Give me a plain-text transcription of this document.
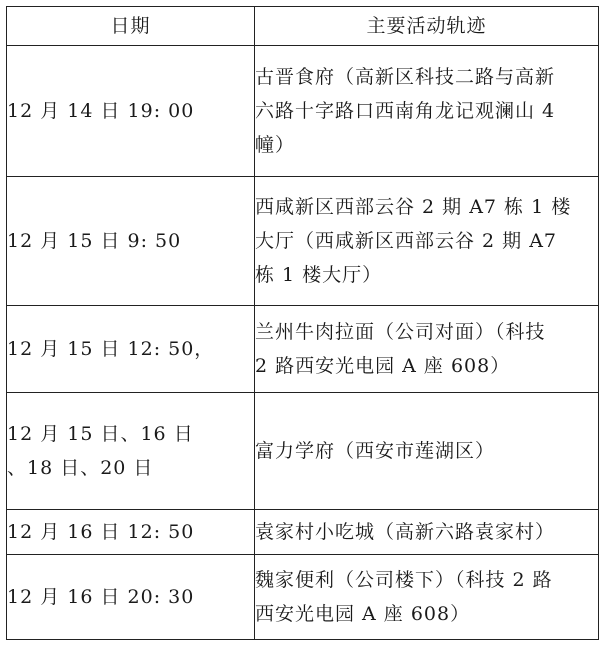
日期	主要活动轨迹

12 月 14 日 19: 00	古晋食府（高新区科技二路与高新
六路十字路口西南角龙记观澜山 4
幢）

12 月 15 日 9: 50	西咸新区西部云谷 2 期 A7 栋 1 楼
大厅（西咸新区西部云谷 2 期 A7
栋 1 楼大厅）

12 月 15 日 12: 50，	兰州牛肉拉面（公司对面）（科技
2 路西安光电园 A 座 608）

12 月 15 日、16 日
、18 日、20 日	富力学府（西安市莲湖区）

12 月 16 日 12: 50	袁家村小吃城（高新六路袁家村）

12 月 16 日 20: 30	魏家便利（公司楼下）（科技 2 路
西安光电园 A 座 608）
